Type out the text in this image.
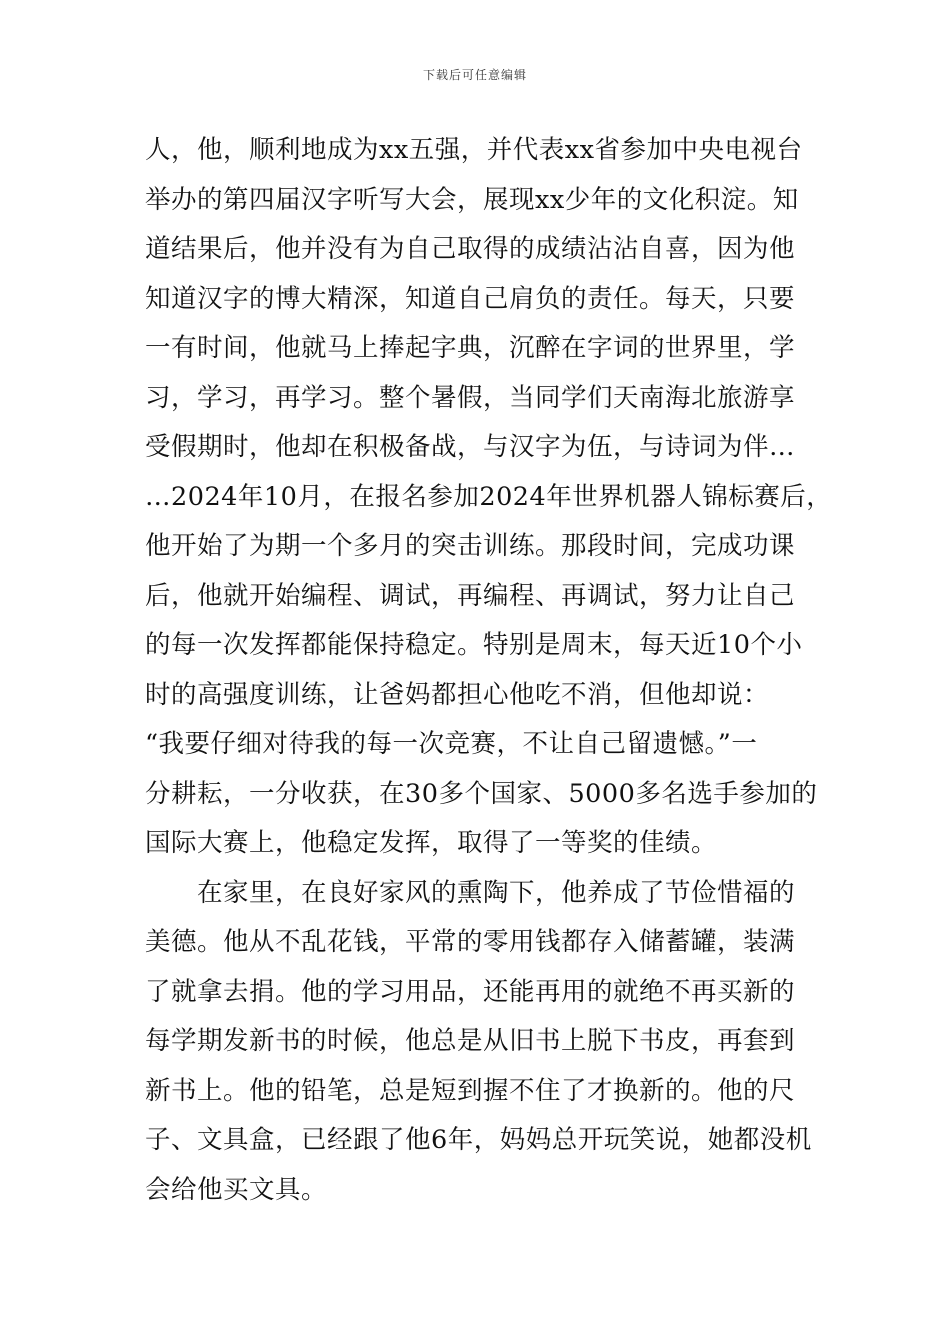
下载后可任意编辑
人，他，顺利地成为xx五强，并代表xx省参加中央电视台
举办的第四届汉字听写大会，展现xx少年的文化积淀。知
道结果后，他并没有为自己取得的成绩沾沾自喜，因为他
知道汉字的博大精深，知道自己肩负的责任。每天，只要
一有时间，他就马上捧起字典，沉醉在字词的世界里，学
习，学习，再学习。整个暑假，当同学们天南海北旅游享
受假期时，他却在积极备战，与汉字为伍，与诗词为伴…
…2024年10月，在报名参加2024年世界机器人锦标赛后，
他开始了为期一个多月的突击训练。那段时间，完成功课
后，他就开始编程、调试，再编程、再调试，努力让自己
的每一次发挥都能保持稳定。特别是周末，每天近10个小
时的高强度训练，让爸妈都担心他吃不消，但他却说：
“我要仔细对待我的每一次竞赛，不让自己留遗憾。”一
分耕耘，一分收获，在30多个国家、5000多名选手参加的
国际大赛上，他稳定发挥，取得了一等奖的佳绩。
　　在家里，在良好家风的熏陶下，他养成了节俭惜福的
美德。他从不乱花钱，平常的零用钱都存入储蓄罐，装满
了就拿去捐。他的学习用品，还能再用的就绝不再买新的
每学期发新书的时候，他总是从旧书上脱下书皮，再套到
新书上。他的铅笔，总是短到握不住了才换新的。他的尺
子、文具盒，已经跟了他6年，妈妈总开玩笑说，她都没机
会给他买文具。
